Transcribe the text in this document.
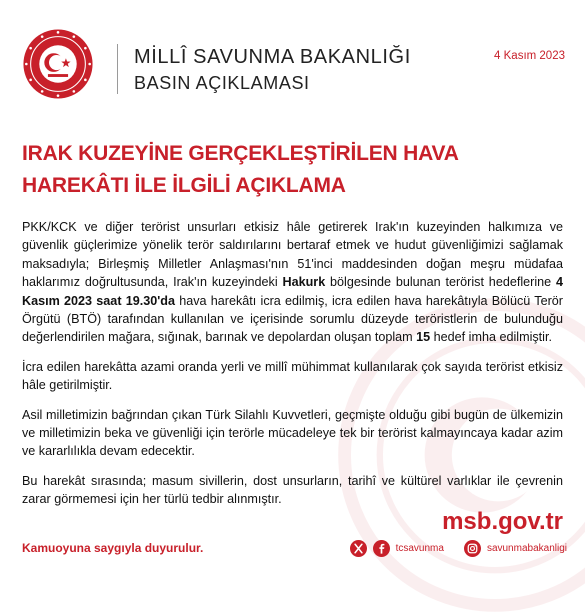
MİLLÎ SAVUNMA BAKANLIĞI
BASIN AÇIKLAMASI
4 Kasım 2023
IRAK KUZEYİNE GERÇEKLEŞTİRİLEN HAVA HAREKÂTI İLE İLGİLİ AÇIKLAMA

PKK/KCK ve diğer terörist unsurları etkisiz hâle getirerek Irak'ın kuzeyinden halkımıza ve güvenlik güçlerimize yönelik terör saldırılarını bertaraf etmek ve hudut güvenliğimizi sağlamak maksadıyla; Birleşmiş Milletler Anlaşması'nın 51'inci maddesinden doğan meşru müdafaa haklarımız doğrultusunda, Irak'ın kuzeyindeki Hakurk bölgesinde bulunan terörist hedeflerine 4 Kasım 2023 saat 19.30'da hava harekâtı icra edilmiş, icra edilen hava harekâtıyla Bölücü Terör Örgütü (BTÖ) tarafından kullanılan ve içerisinde sorumlu düzeyde teröristlerin de bulunduğu değerlendirilen mağara, sığınak, barınak ve depolardan oluşan toplam 15 hedef imha edilmiştir.

İcra edilen harekâtta azami oranda yerli ve millî mühimmat kullanılarak çok sayıda terörist etkisiz hâle getirilmiştir.

Asil milletimizin bağrından çıkan Türk Silahlı Kuvvetleri, geçmişte olduğu gibi bugün de ülkemizin ve milletimizin beka ve güvenliği için terörle mücadeleye tek bir terörist kalmayıncaya kadar azim ve kararlılıkla devam edecektir.

Bu harekât sırasında; masum sivillerin, dost unsurların, tarihî ve kültürel varlıklar ile çevrenin zarar görmemesi için her türlü tedbir alınmıştır.

msb.gov.tr
Kamuoyuna saygıyla duyurulur.	tcsavunma	savunmabakanligi
